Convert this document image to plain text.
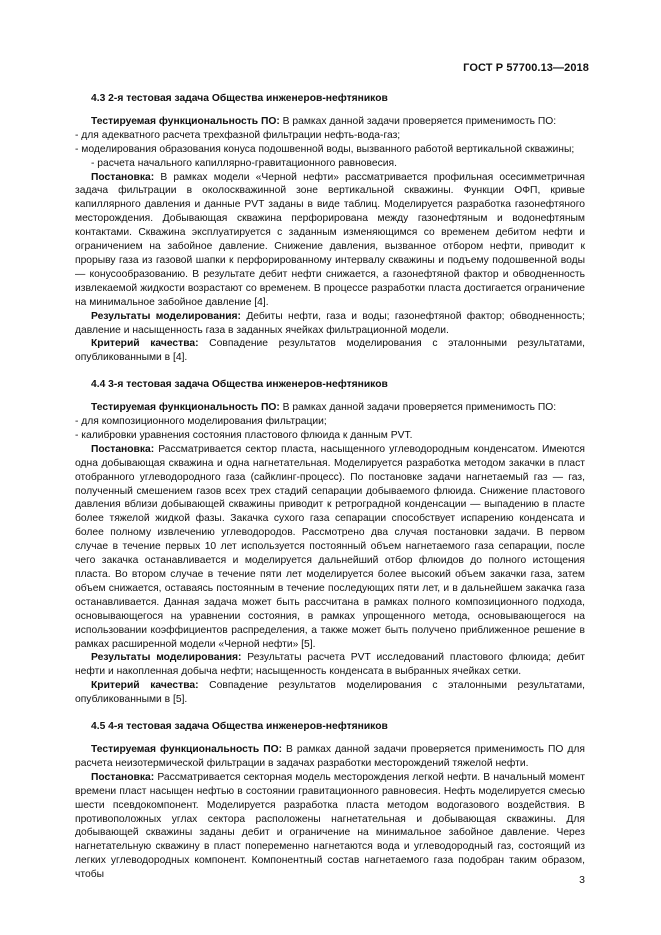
ГОСТ Р 57700.13—2018

4.3 2-я тестовая задача Общества инженеров-нефтяников

Тестируемая функциональность ПО: В рамках данной задачи проверяется применимость ПО:

- для адекватного расчета трехфазной фильтрации нефть-вода-газ;

- моделирования образования конуса подошвенной воды, вызванного работой вертикальной скважины;

- расчета начального капиллярно-гравитационного равновесия.

Постановка: В рамках модели «Черной нефти» рассматривается профильная осесимметричная задача фильтрации в околоскважинной зоне вертикальной скважины. Функции ОФП, кривые капиллярного давления и данные PVT заданы в виде таблиц. Моделируется разработка газонефтяного месторождения. Добывающая скважина перфорирована между газонефтяным и водонефтяным контактами. Скважина эксплуатируется с заданным изменяющимся со временем дебитом нефти и ограничением на забойное давление. Снижение давления, вызванное отбором нефти, приводит к прорыву газа из газовой шапки к перфорированному интервалу скважины и подъему подошвенной воды — конусообразованию. В результате дебит нефти снижается, а газонефтяной фактор и обводненность извлекаемой жидкости возрастают со временем. В процессе разработки пласта достигается ограничение на минимальное забойное давление [4].

Результаты моделирования: Дебиты нефти, газа и воды; газонефтяной фактор; обводненность; давление и насыщенность газа в заданных ячейках фильтрационной модели.

Критерий качества: Совпадение результатов моделирования с эталонными результатами, опубликованными в [4].

4.4 3-я тестовая задача Общества инженеров-нефтяников

Тестируемая функциональность ПО: В рамках данной задачи проверяется применимость ПО:

- для композиционного моделирования фильтрации;

- калибровки уравнения состояния пластового флюида к данным PVT.

Постановка: Рассматривается сектор пласта, насыщенного углеводородным конденсатом. Имеются одна добывающая скважина и одна нагнетательная. Моделируется разработка методом закачки в пласт отобранного углеводородного газа (сайклинг-процесс). По постановке задачи нагнетаемый газ — газ, полученный смешением газов всех трех стадий сепарации добываемого флюида. Снижение пластового давления вблизи добывающей скважины приводит к ретроградной конденсации — выпадению в пласте более тяжелой жидкой фазы. Закачка сухого газа сепарации способствует испарению конденсата и более полному извлечению углеводородов. Рассмотрено два случая постановки задачи. В первом случае в течение первых 10 лет используется постоянный объем нагнетаемого газа сепарации, после чего закачка останавливается и моделируется дальнейший отбор флюидов до полного истощения пласта. Во втором случае в течение пяти лет моделируется более высокий объем закачки газа, затем объем снижается, оставаясь постоянным в течение последующих пяти лет, и в дальнейшем закачка газа останавливается. Данная задача может быть рассчитана в рамках полного композиционного подхода, основывающегося на уравнении состояния, в рамках упрощенного метода, основывающегося на использовании коэффициентов распределения, а также может быть получено приближенное решение в рамках расширенной модели «Черной нефти» [5].

Результаты моделирования: Результаты расчета PVT исследований пластового флюида; дебит нефти и накопленная добыча нефти; насыщенность конденсата в выбранных ячейках сетки.

Критерий качества: Совпадение результатов моделирования с эталонными результатами, опубликованными в [5].

4.5 4-я тестовая задача Общества инженеров-нефтяников

Тестируемая функциональность ПО: В рамках данной задачи проверяется применимость ПО для расчета неизотермической фильтрации в задачах разработки месторождений тяжелой нефти.

Постановка: Рассматривается секторная модель месторождения легкой нефти. В начальный момент времени пласт насыщен нефтью в состоянии гравитационного равновесия. Нефть моделируется смесью шести псевдокомпонент. Моделируется разработка пласта методом водогазового воздействия. В противоположных углах сектора расположены нагнетательная и добывающая скважины. Для добывающей скважины заданы дебит и ограничение на минимальное забойное давление. Через нагнетательную скважину в пласт попеременно нагнетаются вода и углеводородный газ, состоящий из легких углеводородных компонент. Компонентный состав нагнетаемого газа подобран таким образом, чтобы	3
